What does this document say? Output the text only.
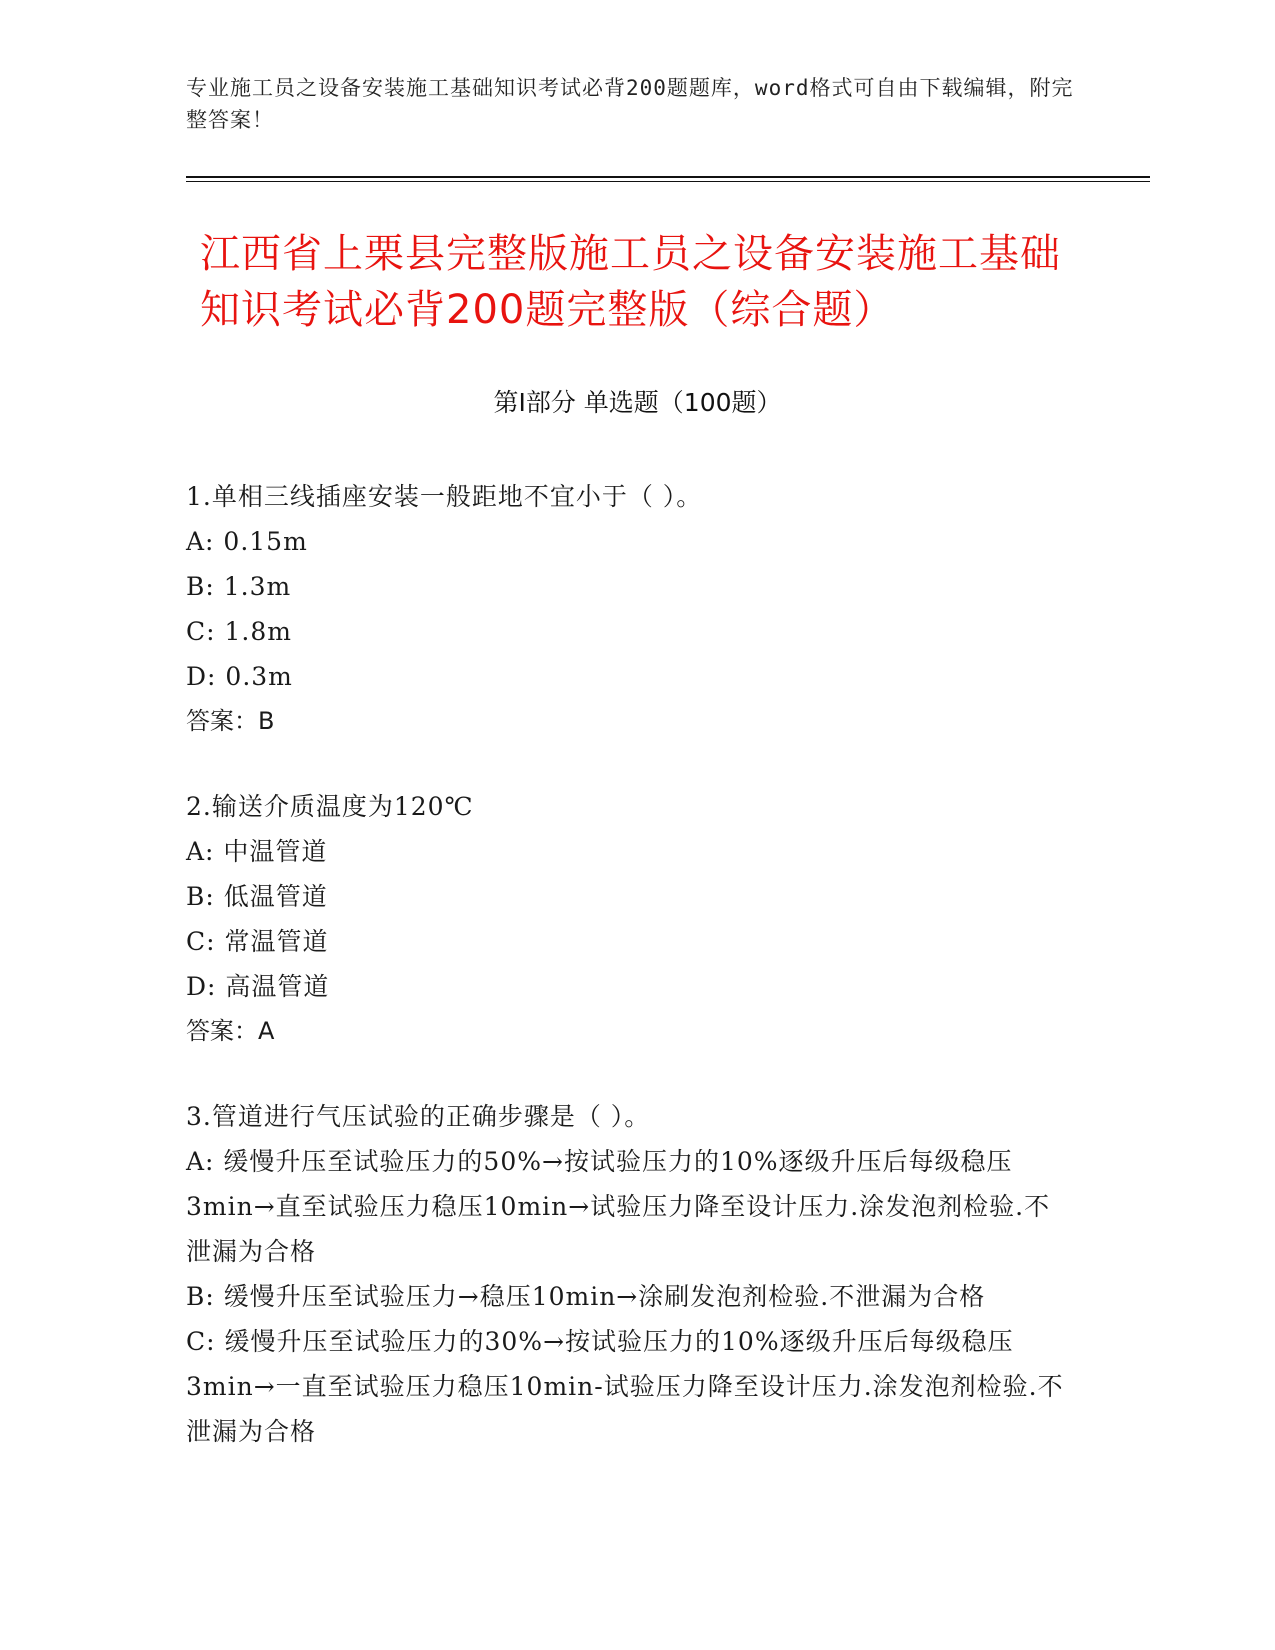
专业施工员之设备安装施工基础知识考试必背200题题库，word格式可自由下载编辑，附完整答案！
江西省上栗县完整版施工员之设备安装施工基础知识考试必背200题完整版（综合题）
第I部分 单选题（100题）
1.单相三线插座安装一般距地不宜小于（ ）。
A: 0.15m
B: 1.3m
C: 1.8m
D: 0.3m
答案：B
2.输送介质温度为120℃
A: 中温管道
B: 低温管道
C: 常温管道
D: 高温管道
答案：A
3.管道进行气压试验的正确步骤是（ ）。
A: 缓慢升压至试验压力的50%→按试验压力的10%逐级升压后每级稳压3min→直至试验压力稳压10min→试验压力降至设计压力.涂发泡剂检验.不泄漏为合格
B: 缓慢升压至试验压力→稳压10min→涂刷发泡剂检验.不泄漏为合格
C: 缓慢升压至试验压力的30%→按试验压力的10%逐级升压后每级稳压3min→一直至试验压力稳压10min-试验压力降至设计压力.涂发泡剂检验.不泄漏为合格
